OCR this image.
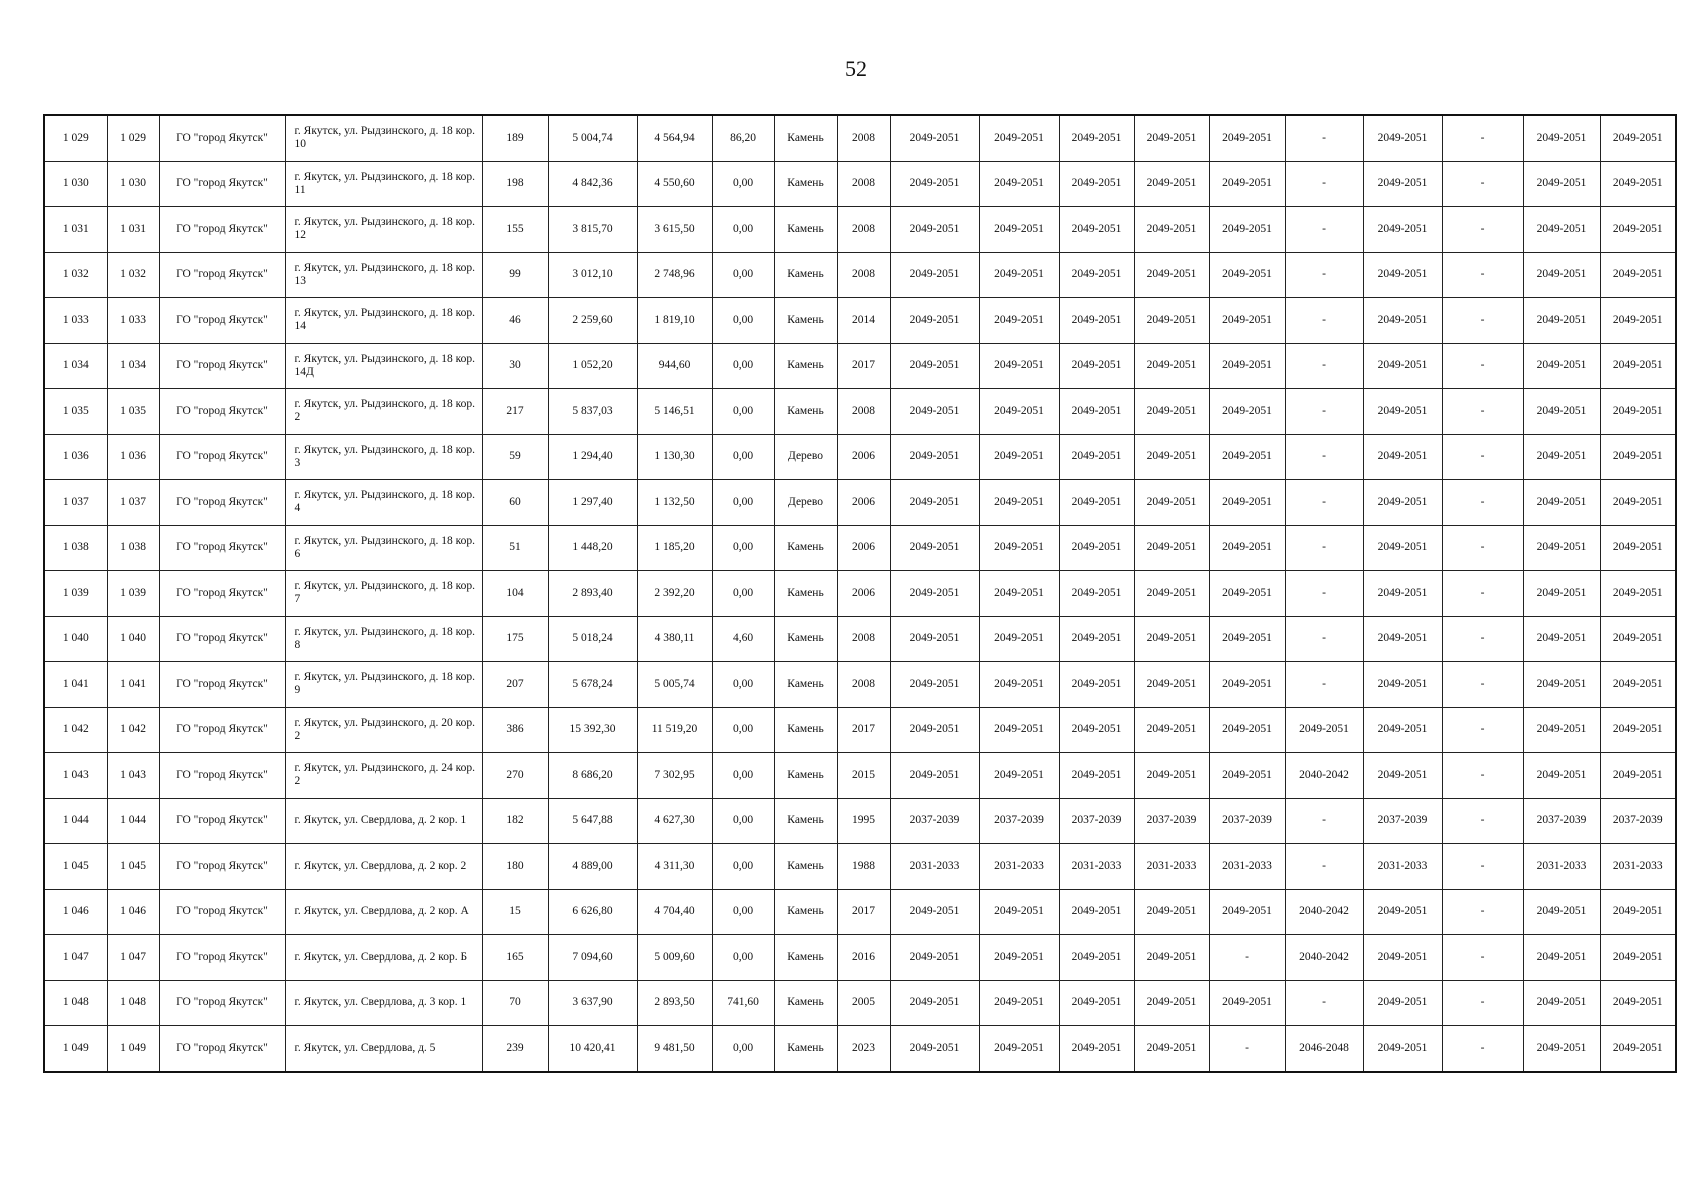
52
1 029	1 029	ГО "город Якутск"	г. Якутск, ул. Рыдзинского, д. 18 кор. 10	189	5 004,74	4 564,94	86,20	Камень	2008	2049-2051	2049-2051	2049-2051	2049-2051	2049-2051	-	2049-2051	-	2049-2051	2049-2051
1 030	1 030	ГО "город Якутск"	г. Якутск, ул. Рыдзинского, д. 18 кор. 11	198	4 842,36	4 550,60	0,00	Камень	2008	2049-2051	2049-2051	2049-2051	2049-2051	2049-2051	-	2049-2051	-	2049-2051	2049-2051
1 031	1 031	ГО "город Якутск"	г. Якутск, ул. Рыдзинского, д. 18 кор. 12	155	3 815,70	3 615,50	0,00	Камень	2008	2049-2051	2049-2051	2049-2051	2049-2051	2049-2051	-	2049-2051	-	2049-2051	2049-2051
1 032	1 032	ГО "город Якутск"	г. Якутск, ул. Рыдзинского, д. 18 кор. 13	99	3 012,10	2 748,96	0,00	Камень	2008	2049-2051	2049-2051	2049-2051	2049-2051	2049-2051	-	2049-2051	-	2049-2051	2049-2051
1 033	1 033	ГО "город Якутск"	г. Якутск, ул. Рыдзинского, д. 18 кор. 14	46	2 259,60	1 819,10	0,00	Камень	2014	2049-2051	2049-2051	2049-2051	2049-2051	2049-2051	-	2049-2051	-	2049-2051	2049-2051
1 034	1 034	ГО "город Якутск"	г. Якутск, ул. Рыдзинского, д. 18 кор. 14Д	30	1 052,20	944,60	0,00	Камень	2017	2049-2051	2049-2051	2049-2051	2049-2051	2049-2051	-	2049-2051	-	2049-2051	2049-2051
1 035	1 035	ГО "город Якутск"	г. Якутск, ул. Рыдзинского, д. 18 кор. 2	217	5 837,03	5 146,51	0,00	Камень	2008	2049-2051	2049-2051	2049-2051	2049-2051	2049-2051	-	2049-2051	-	2049-2051	2049-2051
1 036	1 036	ГО "город Якутск"	г. Якутск, ул. Рыдзинского, д. 18 кор. 3	59	1 294,40	1 130,30	0,00	Дерево	2006	2049-2051	2049-2051	2049-2051	2049-2051	2049-2051	-	2049-2051	-	2049-2051	2049-2051
1 037	1 037	ГО "город Якутск"	г. Якутск, ул. Рыдзинского, д. 18 кор. 4	60	1 297,40	1 132,50	0,00	Дерево	2006	2049-2051	2049-2051	2049-2051	2049-2051	2049-2051	-	2049-2051	-	2049-2051	2049-2051
1 038	1 038	ГО "город Якутск"	г. Якутск, ул. Рыдзинского, д. 18 кор. 6	51	1 448,20	1 185,20	0,00	Камень	2006	2049-2051	2049-2051	2049-2051	2049-2051	2049-2051	-	2049-2051	-	2049-2051	2049-2051
1 039	1 039	ГО "город Якутск"	г. Якутск, ул. Рыдзинского, д. 18 кор. 7	104	2 893,40	2 392,20	0,00	Камень	2006	2049-2051	2049-2051	2049-2051	2049-2051	2049-2051	-	2049-2051	-	2049-2051	2049-2051
1 040	1 040	ГО "город Якутск"	г. Якутск, ул. Рыдзинского, д. 18 кор. 8	175	5 018,24	4 380,11	4,60	Камень	2008	2049-2051	2049-2051	2049-2051	2049-2051	2049-2051	-	2049-2051	-	2049-2051	2049-2051
1 041	1 041	ГО "город Якутск"	г. Якутск, ул. Рыдзинского, д. 18 кор. 9	207	5 678,24	5 005,74	0,00	Камень	2008	2049-2051	2049-2051	2049-2051	2049-2051	2049-2051	-	2049-2051	-	2049-2051	2049-2051
1 042	1 042	ГО "город Якутск"	г. Якутск, ул. Рыдзинского, д. 20 кор. 2	386	15 392,30	11 519,20	0,00	Камень	2017	2049-2051	2049-2051	2049-2051	2049-2051	2049-2051	2049-2051	2049-2051	-	2049-2051	2049-2051
1 043	1 043	ГО "город Якутск"	г. Якутск, ул. Рыдзинского, д. 24 кор. 2	270	8 686,20	7 302,95	0,00	Камень	2015	2049-2051	2049-2051	2049-2051	2049-2051	2049-2051	2040-2042	2049-2051	-	2049-2051	2049-2051
1 044	1 044	ГО "город Якутск"	г. Якутск, ул. Свердлова, д. 2 кор. 1	182	5 647,88	4 627,30	0,00	Камень	1995	2037-2039	2037-2039	2037-2039	2037-2039	2037-2039	-	2037-2039	-	2037-2039	2037-2039
1 045	1 045	ГО "город Якутск"	г. Якутск, ул. Свердлова, д. 2 кор. 2	180	4 889,00	4 311,30	0,00	Камень	1988	2031-2033	2031-2033	2031-2033	2031-2033	2031-2033	-	2031-2033	-	2031-2033	2031-2033
1 046	1 046	ГО "город Якутск"	г. Якутск, ул. Свердлова, д. 2 кор. А	15	6 626,80	4 704,40	0,00	Камень	2017	2049-2051	2049-2051	2049-2051	2049-2051	2049-2051	2040-2042	2049-2051	-	2049-2051	2049-2051
1 047	1 047	ГО "город Якутск"	г. Якутск, ул. Свердлова, д. 2 кор. Б	165	7 094,60	5 009,60	0,00	Камень	2016	2049-2051	2049-2051	2049-2051	2049-2051	-	2040-2042	2049-2051	-	2049-2051	2049-2051
1 048	1 048	ГО "город Якутск"	г. Якутск, ул. Свердлова, д. 3 кор. 1	70	3 637,90	2 893,50	741,60	Камень	2005	2049-2051	2049-2051	2049-2051	2049-2051	2049-2051	-	2049-2051	-	2049-2051	2049-2051
1 049	1 049	ГО "город Якутск"	г. Якутск, ул. Свердлова, д. 5	239	10 420,41	9 481,50	0,00	Камень	2023	2049-2051	2049-2051	2049-2051	2049-2051	-	2046-2048	2049-2051	-	2049-2051	2049-2051
